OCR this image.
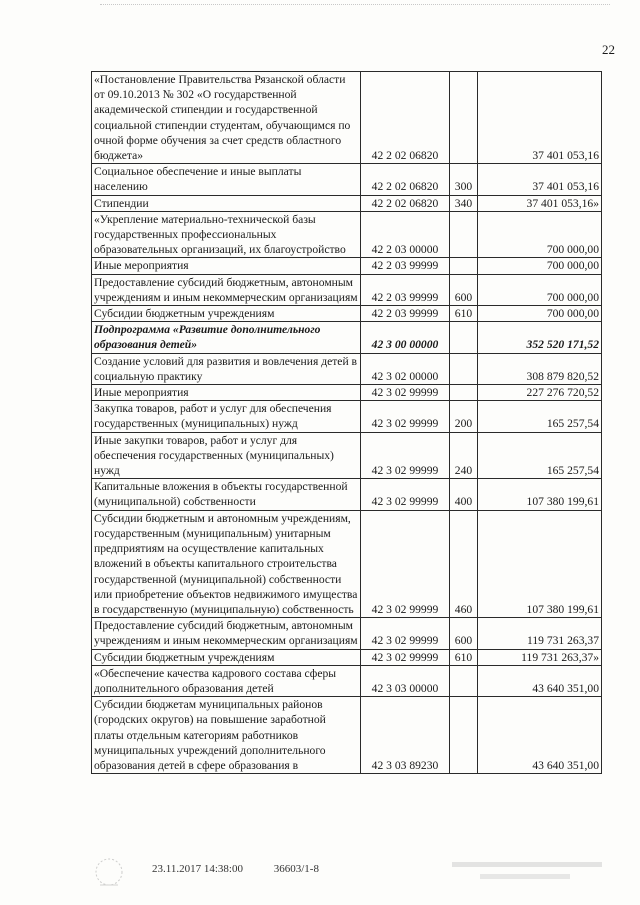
22
«Постановление Правительства Рязанской области от 09.10.2013 № 302 «О государственной академической стипендии и государственной социальной стипендии студентам, обучающимся по очной форме обучения за счет средств областного бюджета»	42 2 02 06820		37 401 053,16
Социальное обеспечение и иные выплаты населению	42 2 02 06820	300	37 401 053,16
Стипендии	42 2 02 06820	340	37 401 053,16»
«Укрепление материально-технической базы государственных профессиональных образовательных организаций, их благоустройство	42 2 03 00000		700 000,00
Иные мероприятия	42 2 03 99999		700 000,00
Предоставление субсидий бюджетным, автономным учреждениям и иным некоммерческим организациям	42 2 03 99999	600	700 000,00
Субсидии бюджетным учреждениям	42 2 03 99999	610	700 000,00
Подпрограмма «Развитие дополнительного образования детей»	42 3 00 00000		352 520 171,52
Создание условий для развития и вовлечения детей в социальную практику	42 3 02 00000		308 879 820,52
Иные мероприятия	42 3 02 99999		227 276 720,52
Закупка товаров, работ и услуг для обеспечения государственных (муниципальных) нужд	42 3 02 99999	200	165 257,54
Иные закупки товаров, работ и услуг для обеспечения государственных (муниципальных) нужд	42 3 02 99999	240	165 257,54
Капитальные вложения в объекты государственной (муниципальной) собственности	42 3 02 99999	400	107 380 199,61
Субсидии бюджетным и автономным учреждениям, государственным (муниципальным) унитарным предприятиям на осуществление капитальных вложений в объекты капитального строительства государственной (муниципальной) собственности или приобретение объектов недвижимого имущества в государственную (муниципальную) собственность	42 3 02 99999	460	107 380 199,61
Предоставление субсидий бюджетным, автономным учреждениям и иным некоммерческим организациям	42 3 02 99999	600	119 731 263,37
Субсидии бюджетным учреждениям	42 3 02 99999	610	119 731 263,37»
«Обеспечение качества кадрового состава сферы дополнительного образования детей	42 3 03 00000		43 640 351,00
Субсидии бюджетам муниципальных районов (городских округов) на повышение заработной платы отдельным категориям работников муниципальных учреждений дополнительного образования детей в сфере образования в	42 3 03 89230		43 640 351,00
23.11.2017 14:38:00	36603/1-8
